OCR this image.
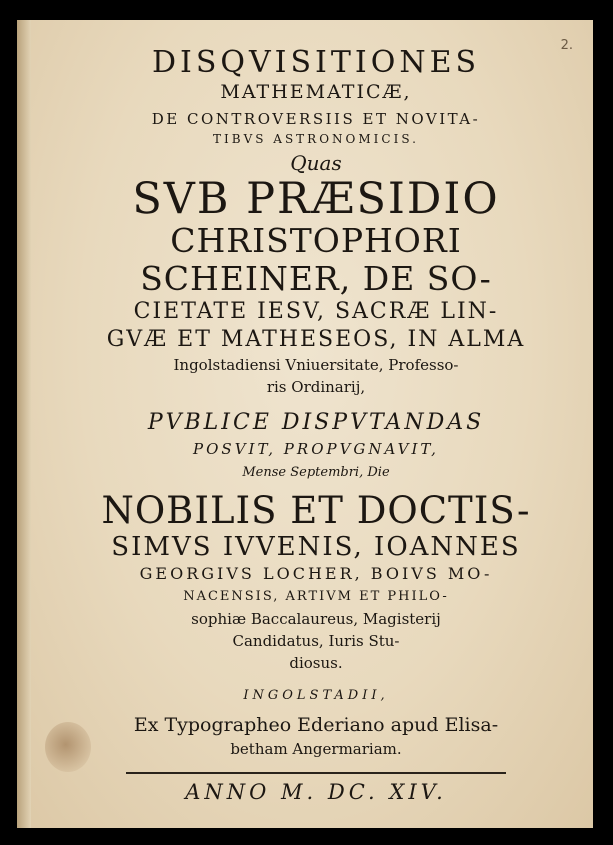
2.
DISQVISITIONES
MATHEMATICÆ,
DE CONTROVERSIIS ET NOVITA-
TIBVS ASTRONOMICIS.
Quas
SVB PRÆSIDIO
CHRISTOPHORI
SCHEINER, DE SO-
CIETATE IESV, SACRÆ LIN-
GVÆ ET MATHESEOS, IN ALMA
Ingolstadiensi Vniuersitate, Professo-
ris Ordinarij,
PVBLICE DISPVTANDAS
POSVIT, PROPVGNAVIT,
Mense Septembri, Die
NOBILIS ET DOCTIS-
SIMVS IVVENIS, IOANNES
GEORGIVS LOCHER, BOIVS MO-
NACENSIS, ARTIVM ET PHILO-
sophiæ Baccalaureus, Magisterij
Candidatus, Iuris Stu-
diosus.
INGOLSTADII,
Ex Typographeo Ederiano apud Elisa-
betham Angermariam.
ANNO M. DC. XIV.
